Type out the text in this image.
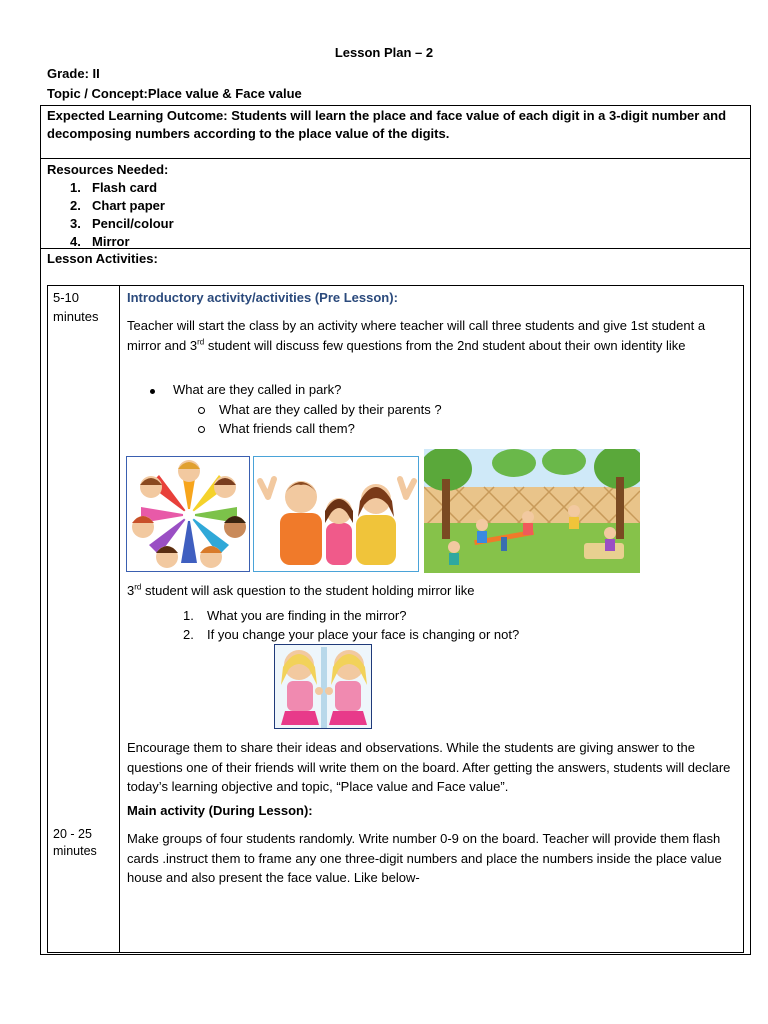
Lesson Plan – 2
Grade: II
Topic / Concept:Place value & Face value
Expected Learning Outcome: Students will learn the place and face value of each digit in a 3-digit number and decomposing numbers according to the place value of the digits.
Resources Needed:
1. Flash card
2. Chart paper
3. Pencil/colour
4. Mirror
Lesson Activities:
5-10
minutes
Introductory activity/activities (Pre Lesson):
Teacher will start the class by an activity where teacher will call three students and give 1st student a mirror and 3rd student will discuss few questions from the 2nd student about their own identity like
What are they called in park?
What are they called by their parents ?
What friends call them?
3rd student will ask question to the student holding mirror like
1. What you are finding in the mirror?
2. If you change your place your face is changing or not?
Encourage them to share their ideas and observations. While the students are giving answer to the questions one of their friends will write them on the board. After getting the answers, students will declare today’s learning objective and topic, “Place value and Face value”.
Main activity (During Lesson):
20 - 25
minutes
Make groups of four students randomly. Write number 0-9 on the board. Teacher will provide them flash cards .instruct them to frame any one three-digit numbers and place the numbers inside the place value house and also present the face value. Like below-
